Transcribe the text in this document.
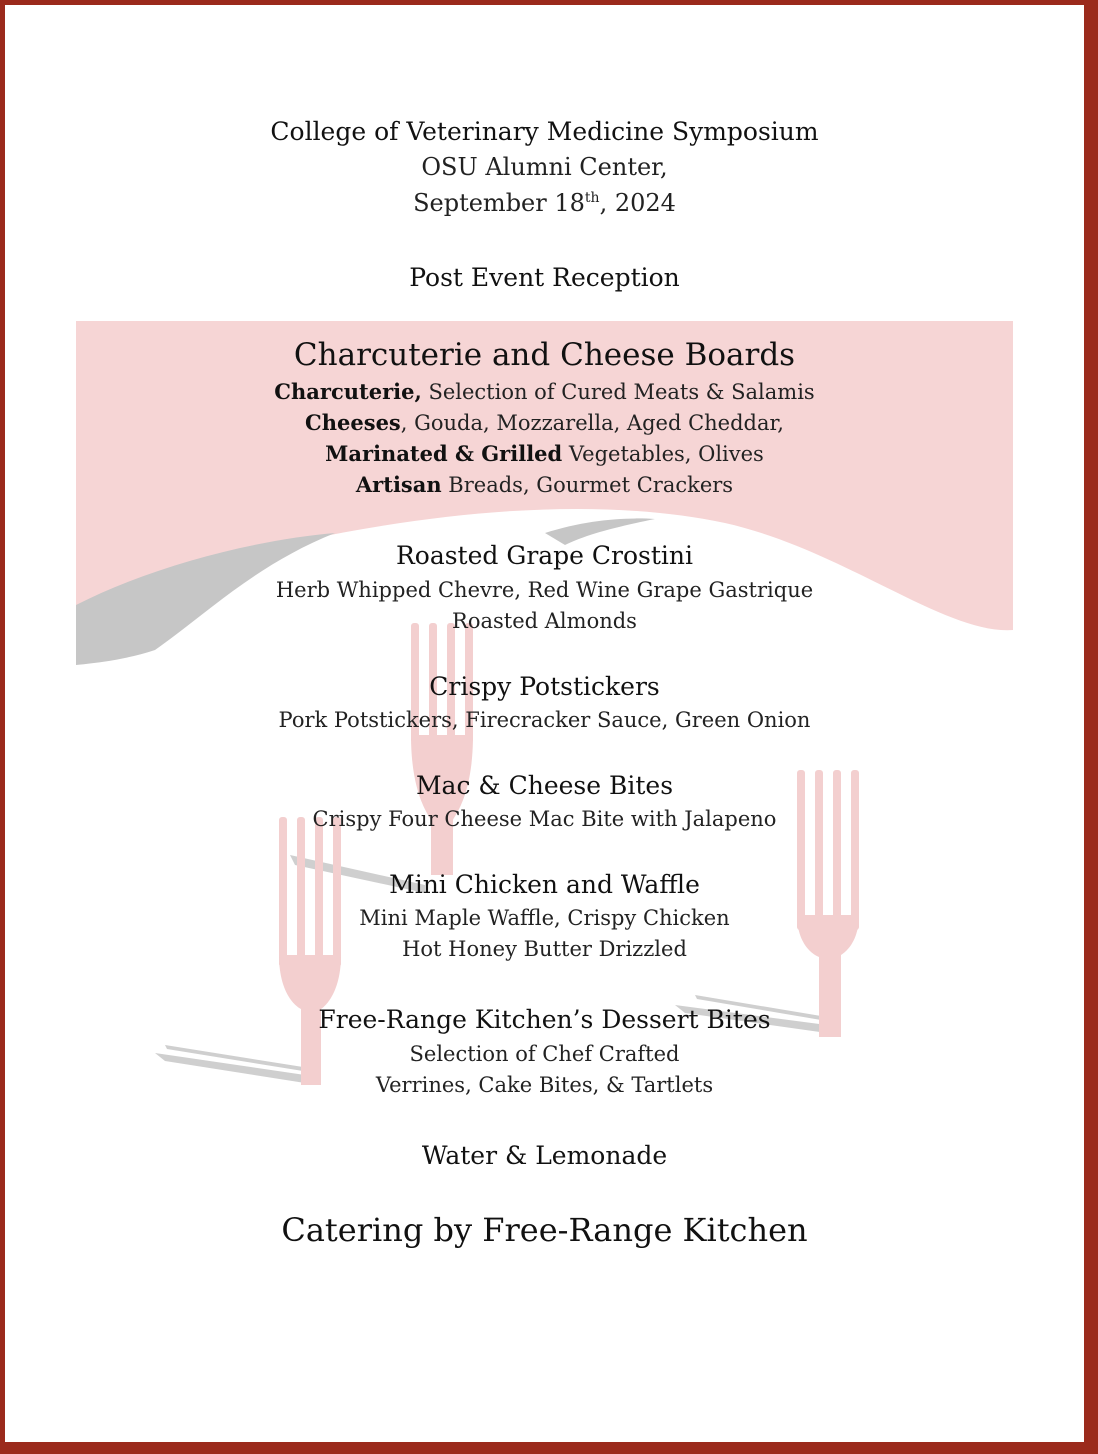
College of Veterinary Medicine Symposium
OSU Alumni Center,
September 18th, 2024
Post Event Reception
Charcuterie and Cheese Boards
Charcuterie, Selection of Cured Meats & Salamis
Cheeses, Gouda, Mozzarella, Aged Cheddar,
Marinated & Grilled Vegetables, Olives
Artisan Breads, Gourmet Crackers
Roasted Grape Crostini
Herb Whipped Chevre, Red Wine Grape Gastrique
Roasted Almonds
Crispy Potstickers
Pork Potstickers, Firecracker Sauce, Green Onion
Mac & Cheese Bites
Crispy Four Cheese Mac Bite with Jalapeno
Mini Chicken and Waffle
Mini Maple Waffle, Crispy Chicken
Hot Honey Butter Drizzled
Free-Range Kitchen’s Dessert Bites
Selection of Chef Crafted
Verrines, Cake Bites, & Tartlets
Water & Lemonade
Catering by Free-Range Kitchen
